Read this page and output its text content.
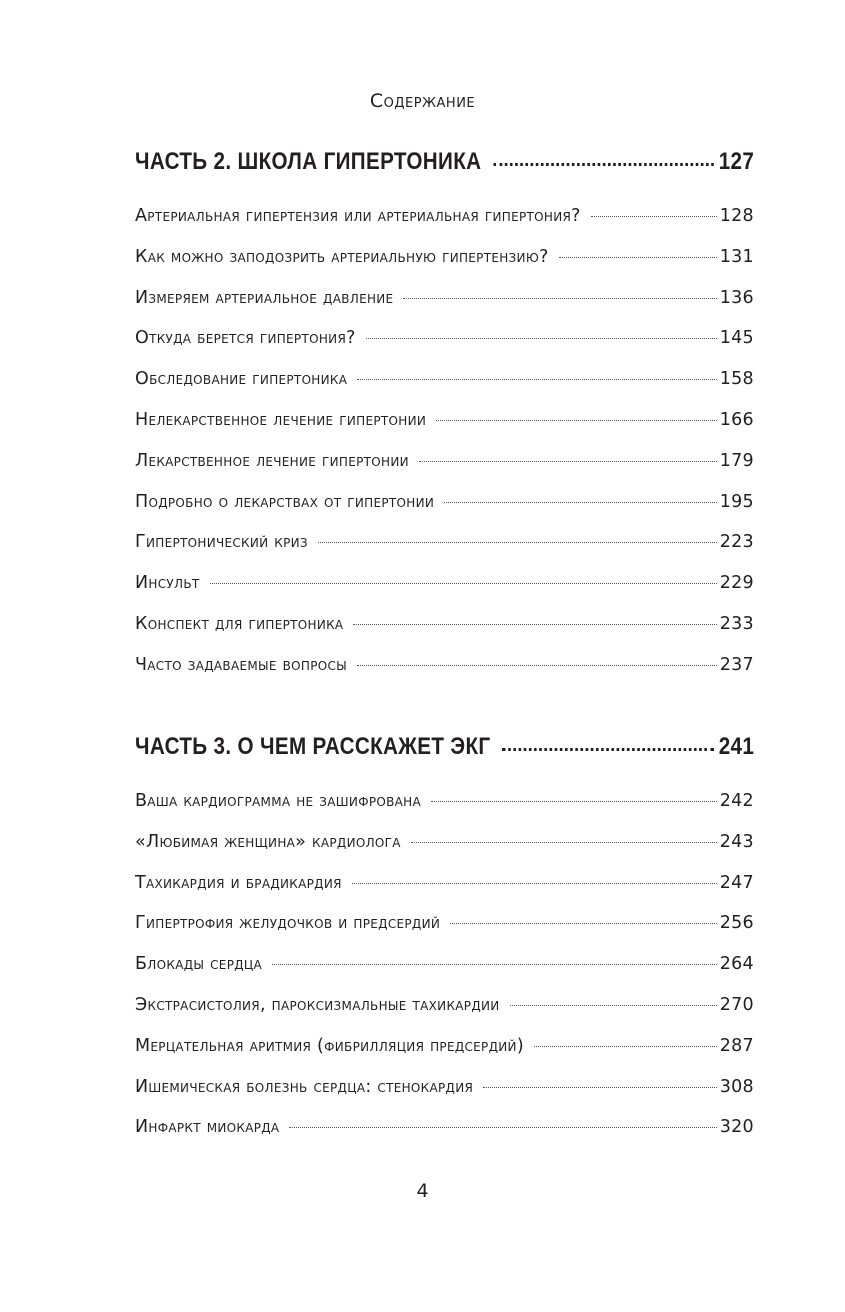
Содержание
ЧАСТЬ 2. ШКОЛА ГИПЕРТОНИКА	127
Артериальная гипертензия или артериальная гипертония?	128
Как можно заподозрить артериальную гипертензию?	131
Измеряем артериальное давление	136
Откуда берется гипертония?	145
Обследование гипертоника	158
Нелекарственное лечение гипертонии	166
Лекарственное лечение гипертонии	179
Подробно о лекарствах от гипертонии	195
Гипертонический криз	223
Инсульт	229
Конспект для гипертоника	233
Часто задаваемые вопросы	237
ЧАСТЬ 3. О ЧЕМ РАССКАЖЕТ ЭКГ	241
Ваша кардиограмма не зашифрована	242
«Любимая женщина» кардиолога	243
Тахикардия и брадикардия	247
Гипертрофия желудочков и предсердий	256
Блокады сердца	264
Экстрасистолия, пароксизмальные тахикардии	270
Мерцательная аритмия (фибрилляция предсердий)	287
Ишемическая болезнь сердца: стенокардия	308
Инфаркт миокарда	320

4
